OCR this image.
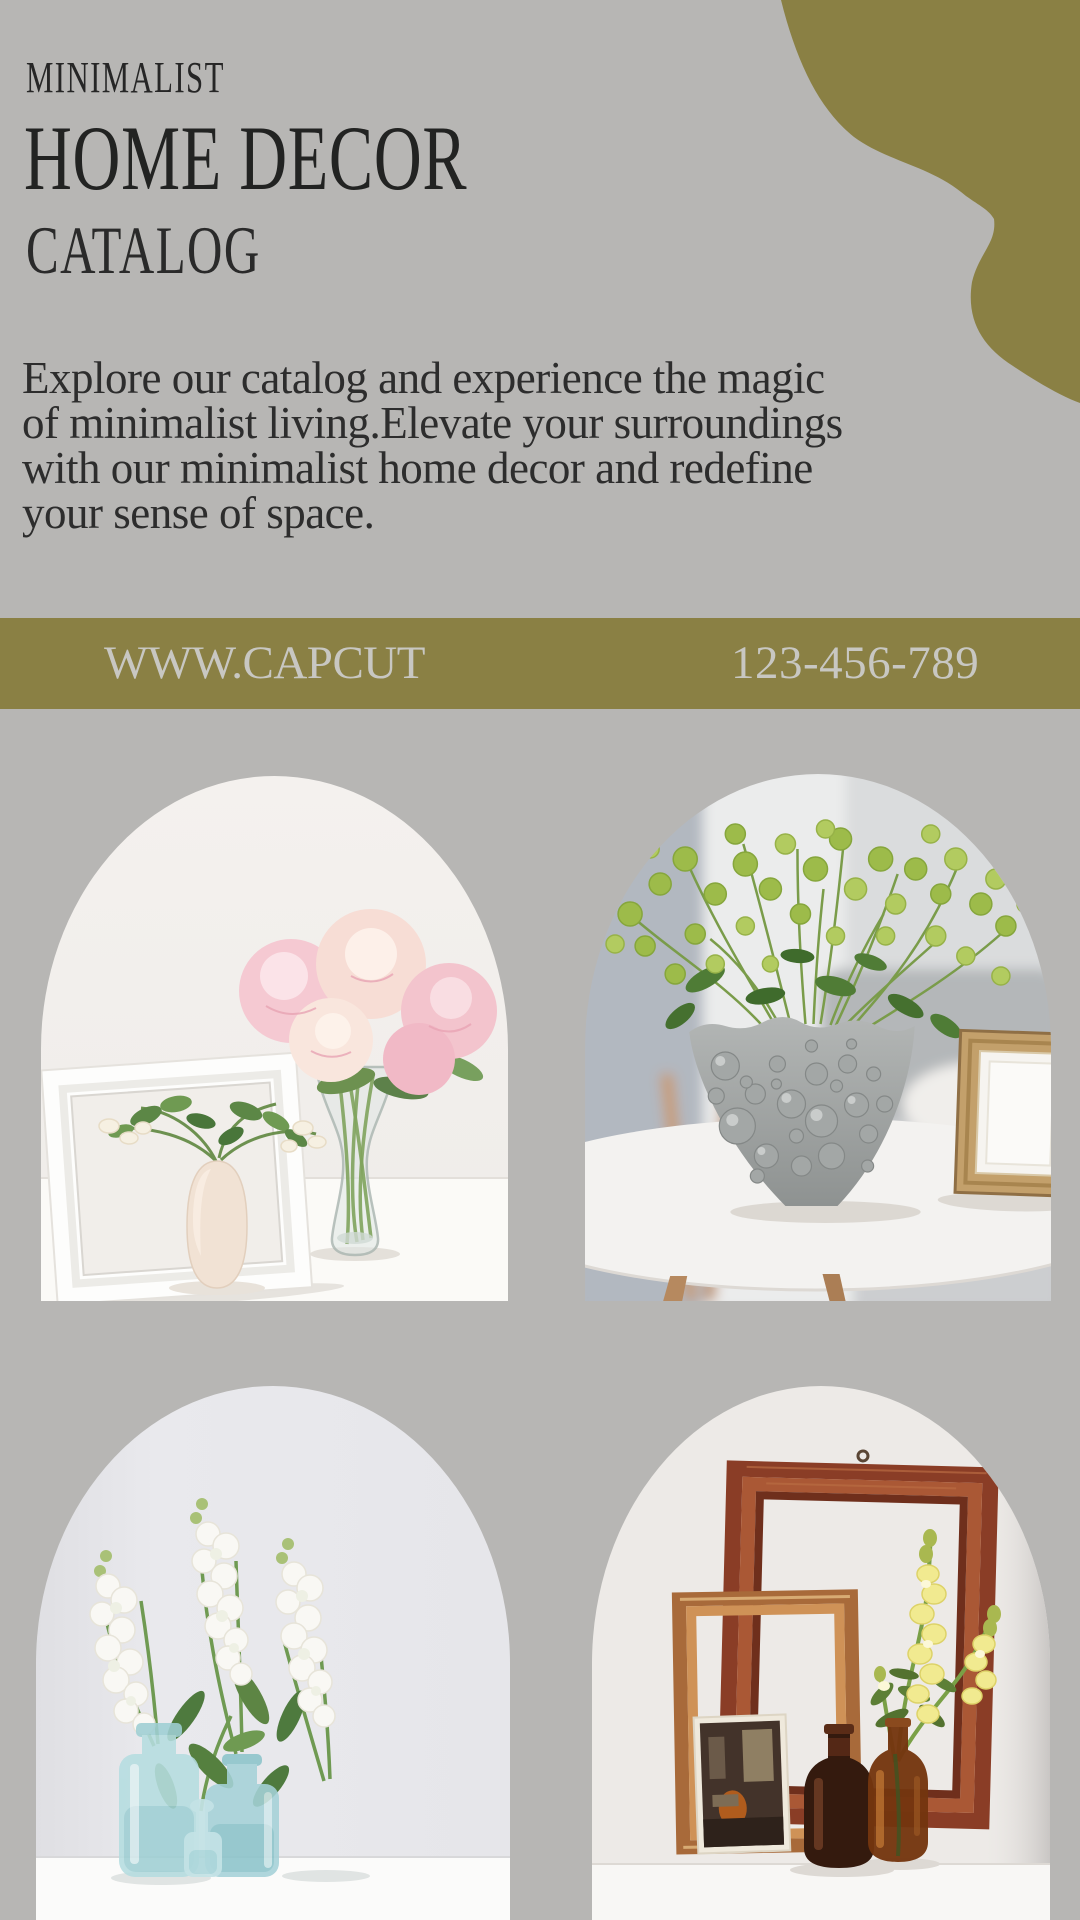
MINIMALIST
HOME DECOR
CATALOG
Explore our catalog and experience the magic
of minimalist living.Elevate your surroundings
with our minimalist home decor and redefine
your sense of space.
WWW.CAPCUT	123-456-789
